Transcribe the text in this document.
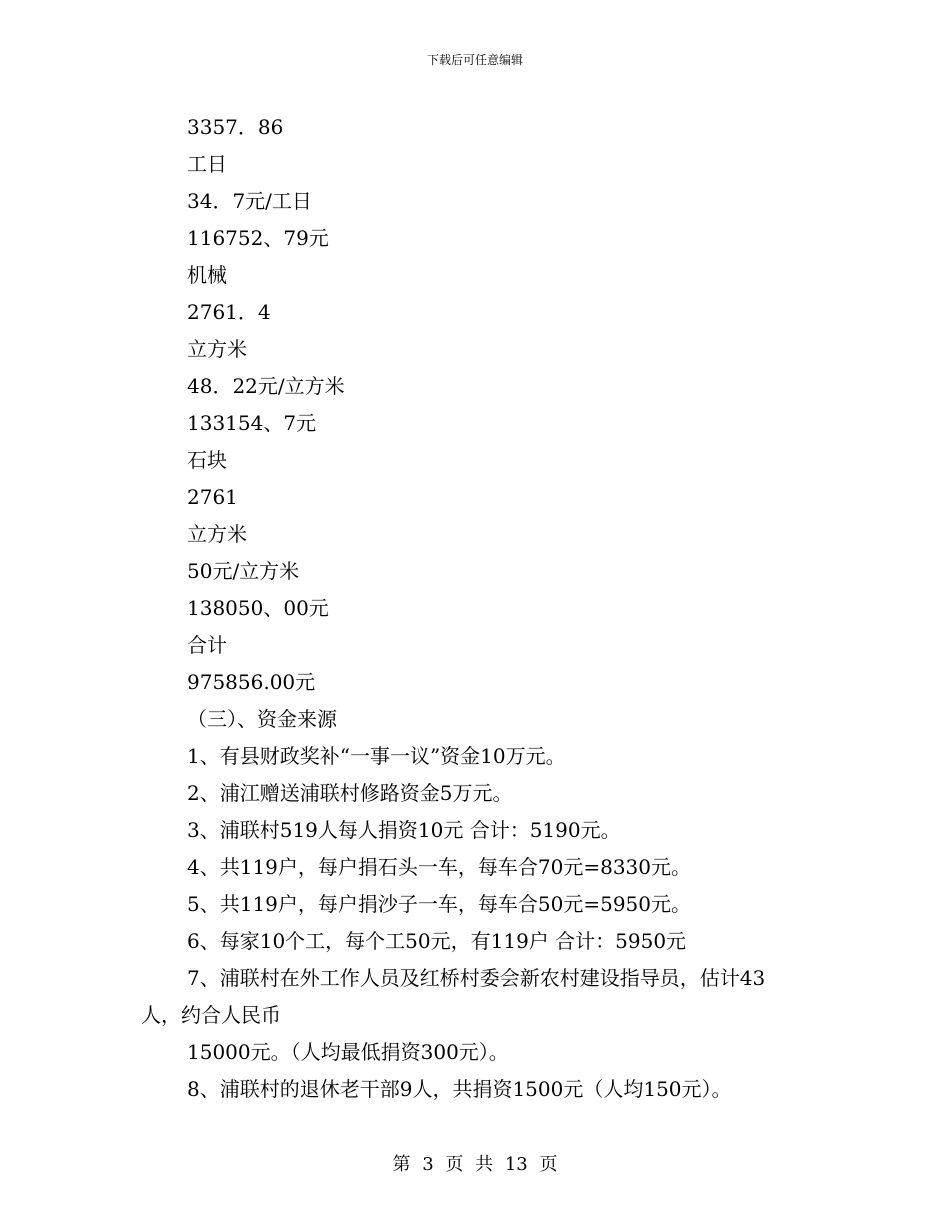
下载后可任意编辑
3357．86
工日
34．7元/工日
116752、79元
机械
2761．4
立方米
48．22元/立方米
133154、7元
石块
2761
立方米
50元/立方米
138050、00元
合计
975856.00元
（三）、资金来源
1、有县财政奖补“一事一议”资金10万元。
2、浦江赠送浦联村修路资金5万元。
3、浦联村519人每人捐资10元 合计：5190元。
4、共119户，每户捐石头一车，每车合70元=8330元。
5、共119户，每户捐沙子一车，每车合50元=5950元。
6、每家10个工，每个工50元，有119户 合计：5950元
7、浦联村在外工作人员及红桥村委会新农村建设指导员，估计43
人，约合人民币
15000元。（人均最低捐资300元）。
8、浦联村的退休老干部9人，共捐资1500元（人均150元）。
第 3 页 共 13 页
